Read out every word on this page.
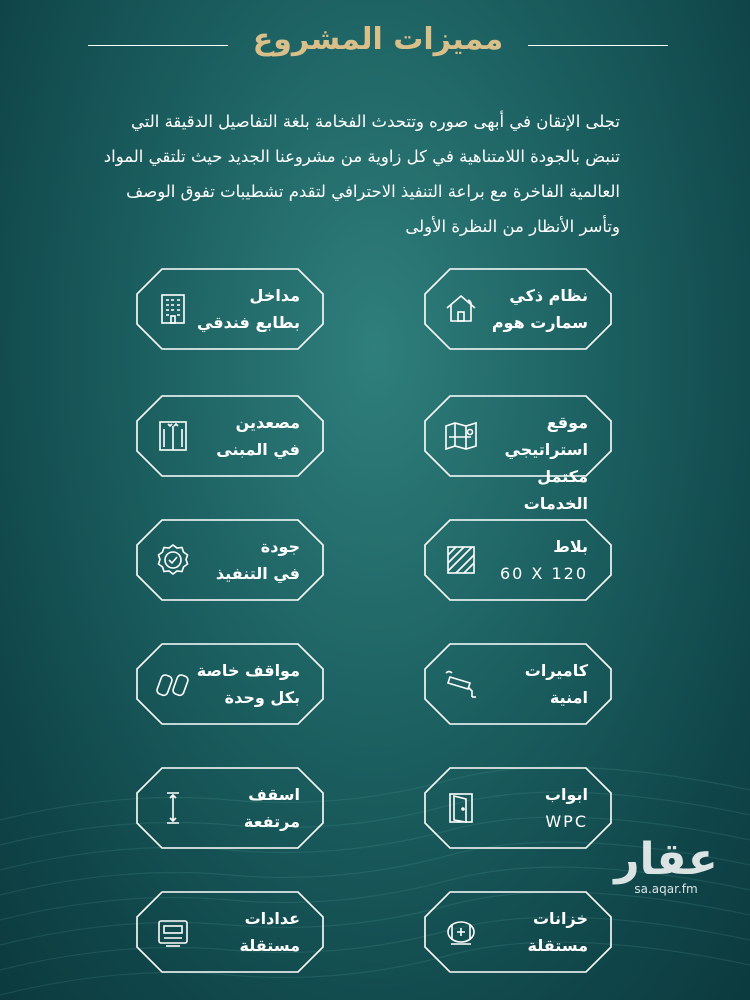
مميزات المشروع
تجلى الإتقان في أبهى صوره وتتحدث الفخامة بلغة التفاصيل الدقيقة التي تنبض بالجودة اللامتناهية في كل زاوية من مشروعنا الجديد حيث تلتقي المواد العالمية الفاخرة مع براعة التنفيذ الاحترافي لتقدم تشطيبات تفوق الوصف وتأسر الأنظار من النظرة الأولى
نظام ذكي
سمارت هوم
مداخل
بطابع فندقي
موقع استراتيجي
مكتمل الخدمات
مصعدين
في المبنى
بلاط
60 X 120
جودة
في التنفيذ
كاميرات
امنية
مواقف خاصة
بكل وحدة
ابواب
WPC
اسقف
مرتفعة
خزانات
مستقلة
عدادات
مستقلة
عقار
sa.aqar.fm
